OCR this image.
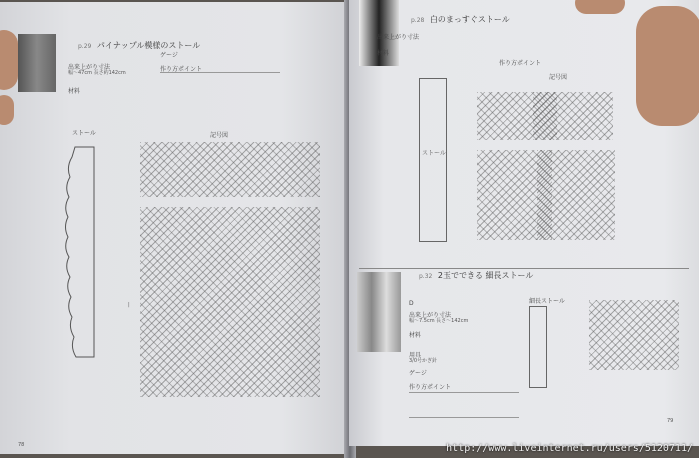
p.29 パイナップル模様のストール
出来上がり寸法
幅～47cm 長さ約142cm
材料
ゲージ
作り方ポイント
ストール	記号図
|
78
p.28 白のまっすぐストール
出来上がり寸法
材料
作り方ポイント
ストール
記号図
p.32 2玉でできる 細長ストール
D
出来上がり寸法
幅～7.5cm 長さ～142cm
材料
用具
3/0号かぎ針
ゲージ
作り方ポイント
細長ストール
79
http://www.liveinternet.ru/users/5120711/
